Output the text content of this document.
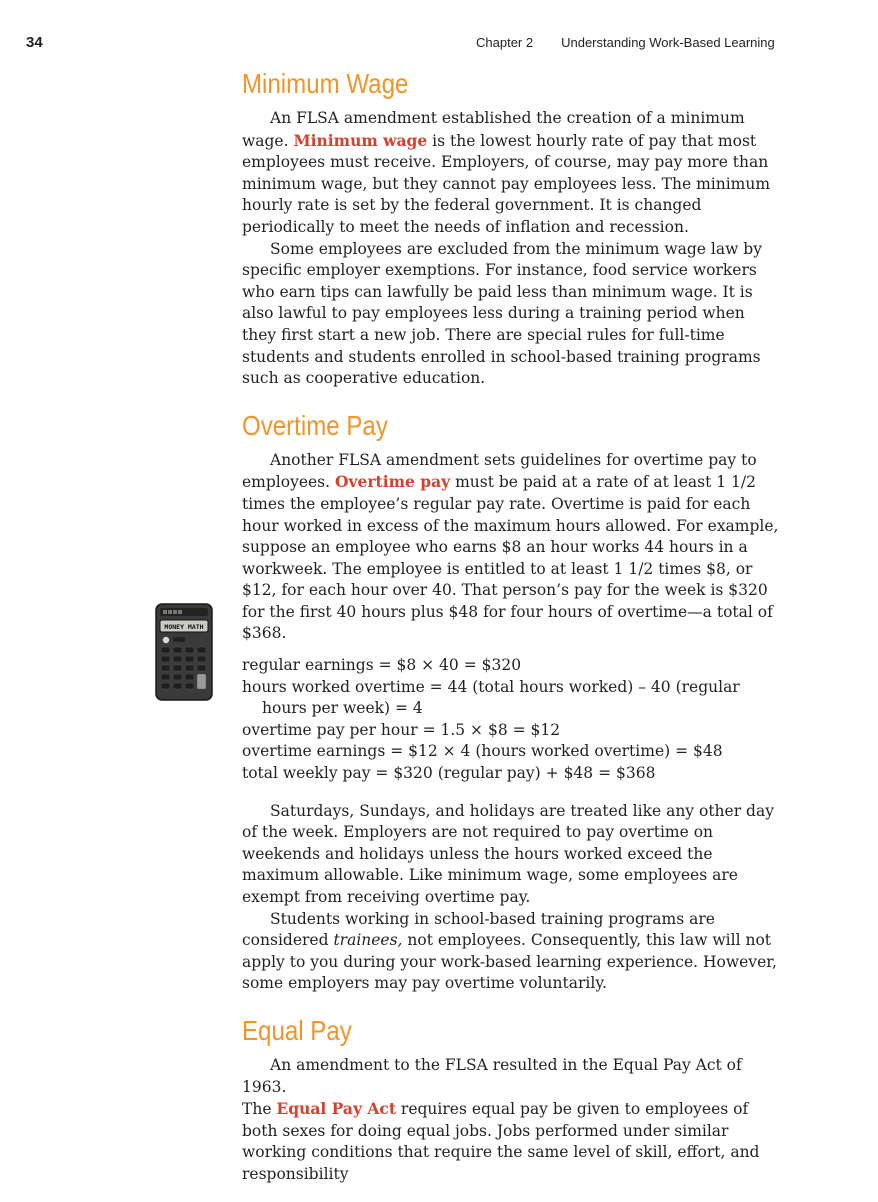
34	Chapter 2 Understanding Work-Based Learning
MONEY MATH
Minimum Wage

An FLSA amendment established the creation of a minimum wage. Minimum wage is the lowest hourly rate of pay that most employees must receive. Employers, of course, may pay more than minimum wage, but they cannot pay employees less. The minimum hourly rate is set by the federal government. It is changed periodically to meet the needs of inflation and recession.

Some employees are excluded from the minimum wage law by specific employer exemptions. For instance, food service workers who earn tips can lawfully be paid less than minimum wage. It is also lawful to pay employees less during a training period when they first start a new job. There are special rules for full-time students and students enrolled in school-based training programs such as cooperative education.

Overtime Pay

Another FLSA amendment sets guidelines for overtime pay to employees. Overtime pay must be paid at a rate of at least 1 1/2 times the employee’s regular pay rate. Overtime is paid for each hour worked in excess of the maximum hours allowed. For example, suppose an employee who earns $8 an hour works 44 hours in a workweek. The employee is entitled to at least 1 1/2 times $8, or $12, for each hour over 40. That person’s pay for the week is $320 for the first 40 hours plus $48 for four hours of overtime—a total of $368.

regular earnings = $8 × 40 = $320

hours worked overtime = 44 (total hours worked) – 40 (regular hours per week) = 4

overtime pay per hour = 1.5 × $8 = $12

overtime earnings = $12 × 4 (hours worked overtime) = $48

total weekly pay = $320 (regular pay) + $48 = $368

Saturdays, Sundays, and holidays are treated like any other day of the week. Employers are not required to pay overtime on weekends and holidays unless the hours worked exceed the maximum allowable. Like minimum wage, some employees are exempt from receiving overtime pay.

Students working in school-based training programs are considered trainees, not employees. Consequently, this law will not apply to you during your work-based learning experience. However, some employers may pay overtime voluntarily.

Equal Pay

An amendment to the FLSA resulted in the Equal Pay Act of 1963.

The Equal Pay Act requires equal pay be given to employees of both sexes for doing equal jobs. Jobs performed under similar working conditions that require the same level of skill, effort, and responsibility
